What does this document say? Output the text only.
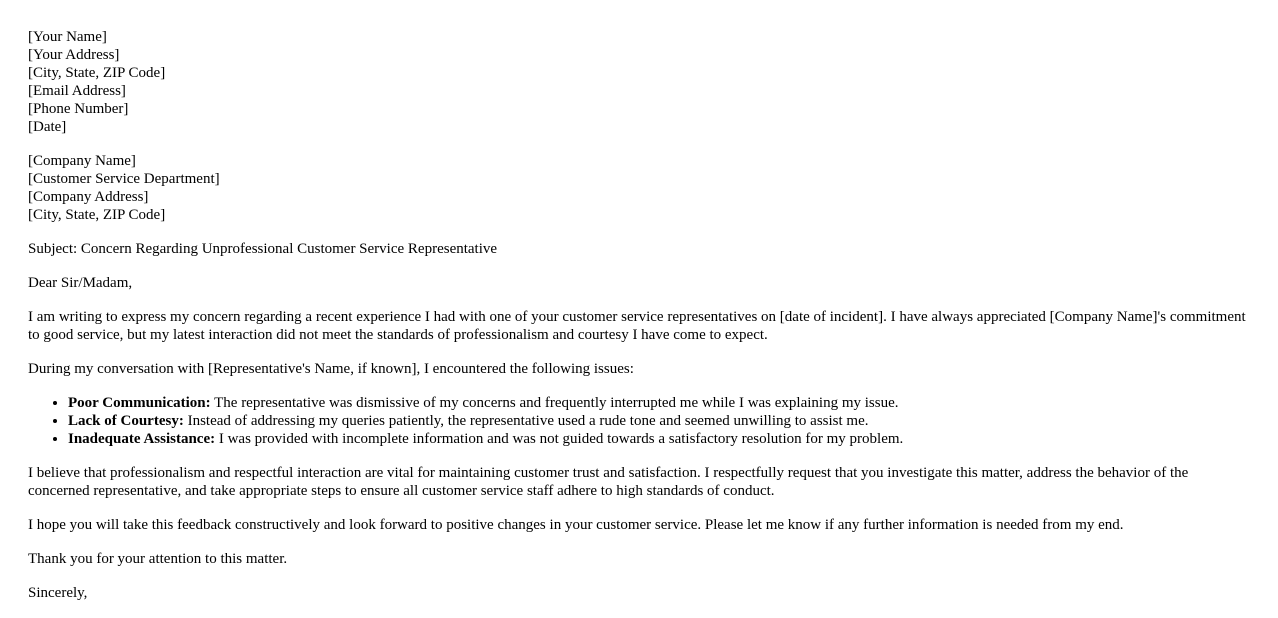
[Your Name]
[Your Address]
[City, State, ZIP Code]
[Email Address]
[Phone Number]
[Date]
[Company Name]
[Customer Service Department]
[Company Address]
[City, State, ZIP Code]

Subject: Concern Regarding Unprofessional Customer Service Representative

Dear Sir/Madam,

I am writing to express my concern regarding a recent experience I had with one of your customer service representatives on [date of incident]. I have always appreciated [Company Name]'s commitment to good service, but my latest interaction did not meet the standards of professionalism and courtesy I have come to expect.

During my conversation with [Representative's Name, if known], I encountered the following issues:

• Poor Communication: The representative was dismissive of my concerns and frequently interrupted me while I was explaining my issue.
• Lack of Courtesy: Instead of addressing my queries patiently, the representative used a rude tone and seemed unwilling to assist me.
• Inadequate Assistance: I was provided with incomplete information and was not guided towards a satisfactory resolution for my problem.

I believe that professionalism and respectful interaction are vital for maintaining customer trust and satisfaction. I respectfully request that you investigate this matter, address the behavior of the concerned representative, and take appropriate steps to ensure all customer service staff adhere to high standards of conduct.

I hope you will take this feedback constructively and look forward to positive changes in your customer service. Please let me know if any further information is needed from my end.

Thank you for your attention to this matter.

Sincerely,
